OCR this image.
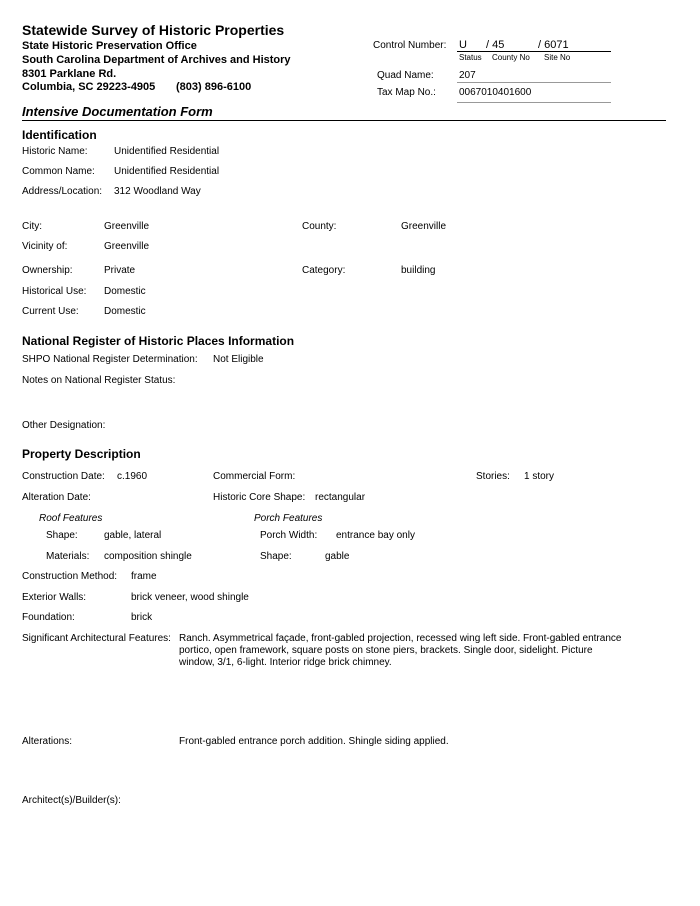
Statewide Survey of Historic Properties
State Historic Preservation Office
South Carolina Department of Archives and History
8301 Parklane Rd.
Columbia, SC 29223-4905 (803) 896-6100
Control Number: U / 45	/ 6071
Status County No Site No
Quad Name:	207
Tax Map No.: 0067010401600
Intensive Documentation Form
Identification
Historic Name:	Unidentified Residential
Common Name: Unidentified Residential
Address/Location: 312 Woodland Way
City:	Greenville	County:	Greenville
Vicinity of:	Greenville
Ownership:	Private	Category:	building
Historical Use: Domestic
Current Use:	Domestic
National Register of Historic Places Information
SHPO National Register Determination: Not Eligible
Notes on National Register Status:
Other Designation:
Property Description
Construction Date: c.1960	Commercial Form:	Stories: 1 story
Alteration Date:	Historic Core Shape: rectangular
Roof Features	Porch Features
Shape:	gable, lateral	Porch Width: entrance bay only
Materials: composition shingle	Shape:	gable
Construction Method: frame
Exterior Walls:	brick veneer, wood shingle
Foundation:	brick
Significant Architectural Features: Ranch. Asymmetrical façade, front-gabled projection, recessed wing left side. Front-gabled entrance portico, open framework, square posts on stone piers, brackets. Single door, sidelight. Picture window, 3/1, 6-light. Interior ridge brick chimney.
Alterations:	Front-gabled entrance porch addition. Shingle siding applied.
Architect(s)/Builder(s):
